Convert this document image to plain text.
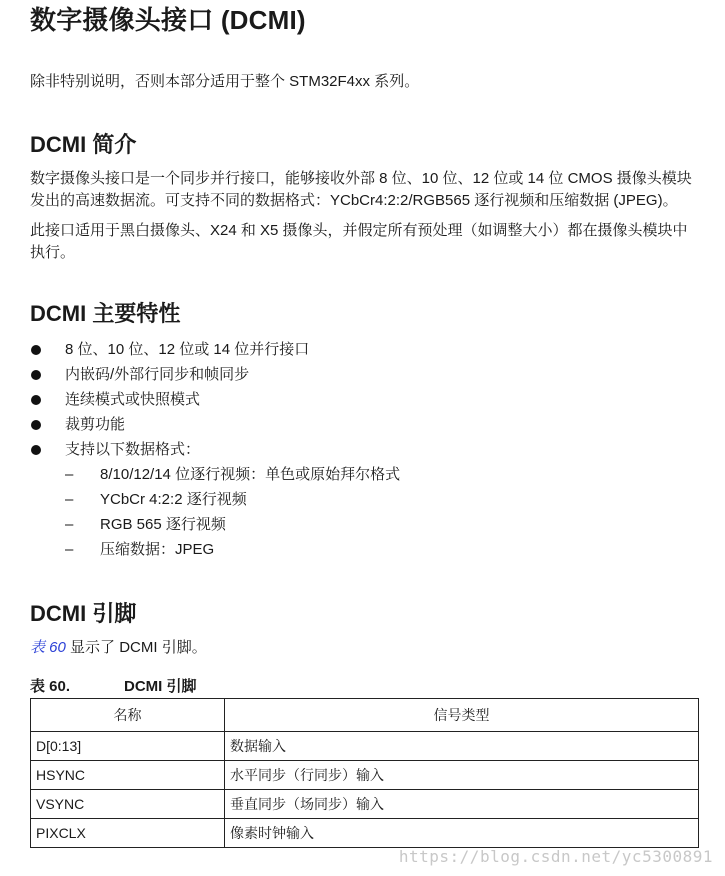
数字摄像头接口 (DCMI)
除非特别说明，否则本部分适用于整个 STM32F4xx 系列。
DCMI 简介

数字摄像头接口是一个同步并行接口，能够接收外部 8 位、10 位、12 位或 14 位 CMOS 摄像头模块发出的高速数据流。可支持不同的数据格式：YCbCr4:2:2/RGB565 逐行视频和压缩数据 (JPEG)。

此接口适用于黑白摄像头、X24 和 X5 摄像头，并假定所有预处理（如调整大小）都在摄像头模块中执行。

DCMI 主要特性
8 位、10 位、12 位或 14 位并行接口
内嵌码/外部行同步和帧同步
连续模式或快照模式
裁剪功能
支持以下数据格式：
– 8/10/12/14 位逐行视频：单色或原始拜尔格式
– YCbCr 4:2:2 逐行视频
– RGB 565 逐行视频
– 压缩数据：JPEG
DCMI 引脚

表 60 显示了 DCMI 引脚。

表 60.	DCMI 引脚
名称	信号类型
D[0:13]	数据输入
HSYNC	水平同步（行同步）输入
VSYNC	垂直同步（场同步）输入
PIXCLX	像素时钟输入
https://blog.csdn.net/yc5300891
